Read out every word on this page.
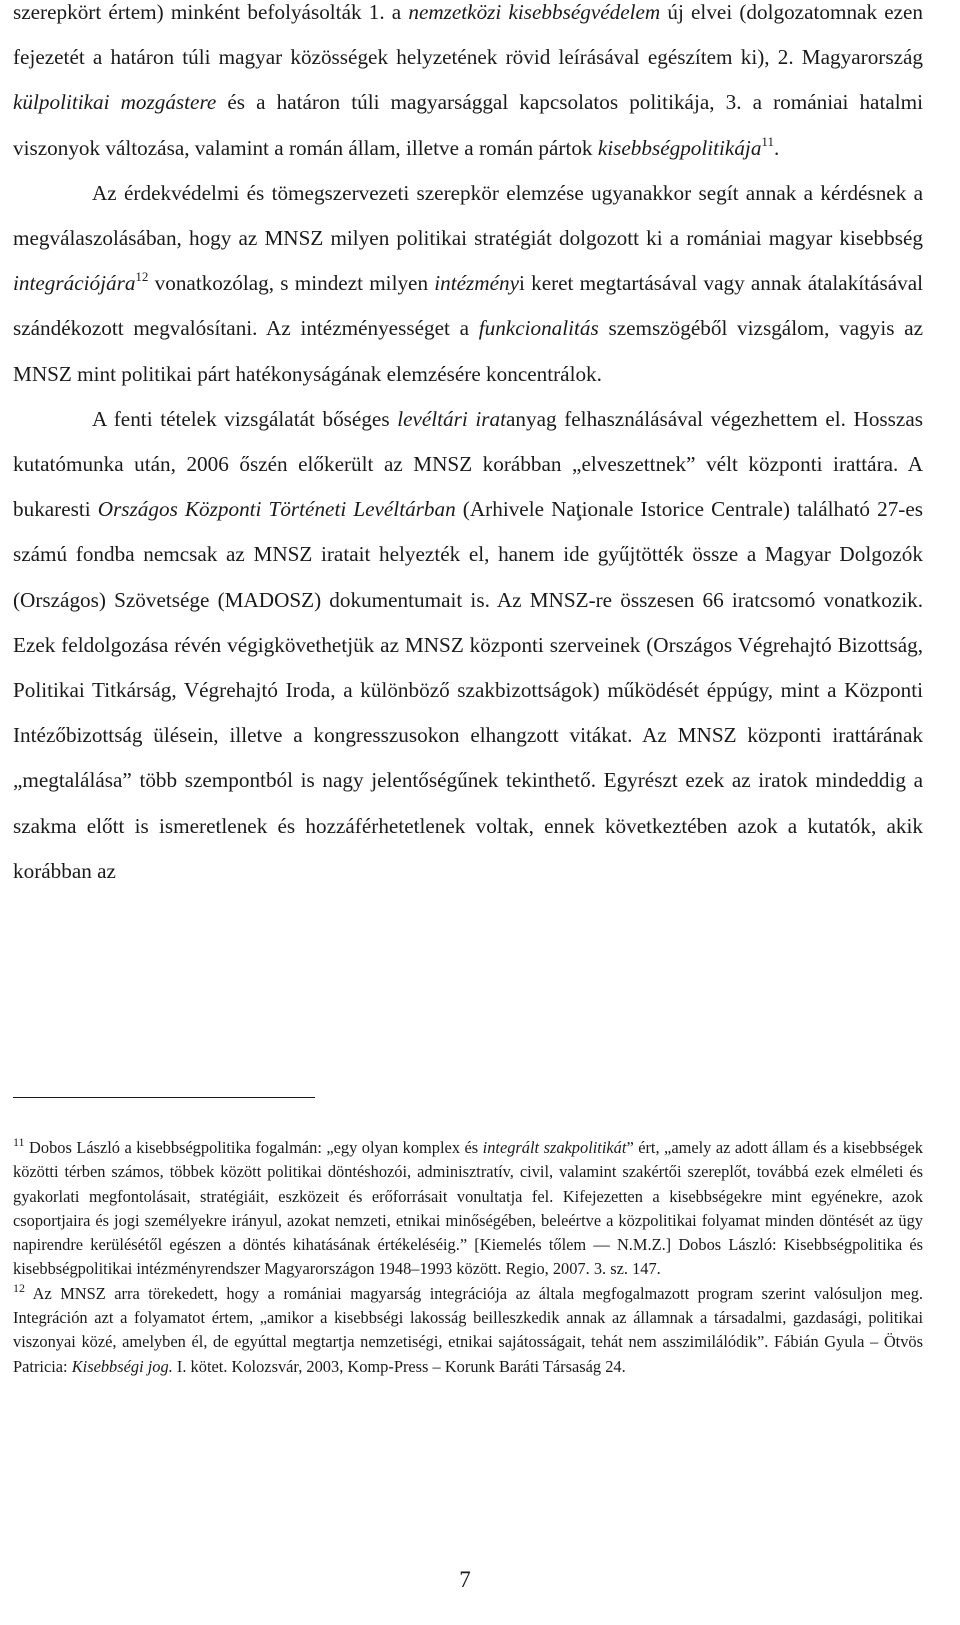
szerepkört értem) minként befolyásolták 1. a nemzetközi kisebbségvédelem új elvei (dolgozatomnak ezen fejezetét a határon túli magyar közösségek helyzetének rövid leírásával egészítem ki), 2. Magyarország külpolitikai mozgástere és a határon túli magyarsággal kapcsolatos politikája, 3. a romániai hatalmi viszonyok változása, valamint a román állam, illetve a román pártok kisebbségpolitikája$^{11}$.

Az érdekvédelmi és tömegszervezeti szerepkör elemzése ugyanakkor segít annak a kérdésnek a megválaszolásában, hogy az MNSZ milyen politikai stratégiát dolgozott ki a romániai magyar kisebbség integrációjára$^{12}$ vonatkozólag, s mindezt milyen intézményi keret megtartásával vagy annak átalakításával szándékozott megvalósítani. Az intézményességet a funkcionalitás szemszögéből vizsgálom, vagyis az MNSZ mint politikai párt hatékonyságának elemzésére koncentrálok.

A fenti tételek vizsgálatát bőséges levéltári iratanyag felhasználásával végezhettem el. Hosszas kutatómunka után, 2006 őszén előkerült az MNSZ korábban „elveszettnek” vélt központi irattára. A bukaresti Országos Központi Történeti Levéltárban (Arhivele Naţionale Istorice Centrale) található 27-es számú fondba nemcsak az MNSZ iratait helyezték el, hanem ide gyűjtötték össze a Magyar Dolgozók (Országos) Szövetsége (MADOSZ) dokumentumait is. Az MNSZ-re összesen 66 iratcsomó vonatkozik. Ezek feldolgozása révén végigkövethetjük az MNSZ központi szerveinek (Országos Végrehajtó Bizottság, Politikai Titkárság, Végrehajtó Iroda, a különböző szakbizottságok) működését éppúgy, mint a Központi Intézőbizottság ülésein, illetve a kongresszusokon elhangzott vitákat. Az MNSZ központi irattárának „megtalálása” több szempontból is nagy jelentőségűnek tekinthető. Egyrészt ezek az iratok mindeddig a szakma előtt is ismeretlenek és hozzáférhetetlenek voltak, ennek következtében azok a kutatók, akik korábban az

$^{11}$ Dobos László a kisebbségpolitika fogalmán: „egy olyan komplex és integrált szakpolitikát” ért, „amely az adott állam és a kisebbségek közötti térben számos, többek között politikai döntéshozói, adminisztratív, civil, valamint szakértői szereplőt, továbbá ezek elméleti és gyakorlati megfontolásait, stratégiáit, eszközeit és erőforrásait vonultatja fel. Kifejezetten a kisebbségekre mint egyénekre, azok csoportjaira és jogi személyekre irányul, azokat nemzeti, etnikai minőségében, beleértve a közpolitikai folyamat minden döntését az ügy napirendre kerülésétől egészen a döntés kihatásának értékeléséig.” [Kiemelés tőlem — N.M.Z.] Dobos László: Kisebbségpolitika és kisebbségpolitikai intézményrendszer Magyarországon 1948–1993 között. Regio, 2007. 3. sz. 147.

$^{12}$ Az MNSZ arra törekedett, hogy a romániai magyarság integrációja az általa megfogalmazott program szerint valósuljon meg. Integráción azt a folyamatot értem, „amikor a kisebbségi lakosság beilleszkedik annak az államnak a társadalmi, gazdasági, politikai viszonyai közé, amelyben él, de egyúttal megtartja nemzetiségi, etnikai sajátosságait, tehát nem asszimilálódik”. Fábián Gyula – Ötvös Patricia: Kisebbségi jog. I. kötet. Kolozsvár, 2003, Komp-Press – Korunk Baráti Társaság 24.

7
